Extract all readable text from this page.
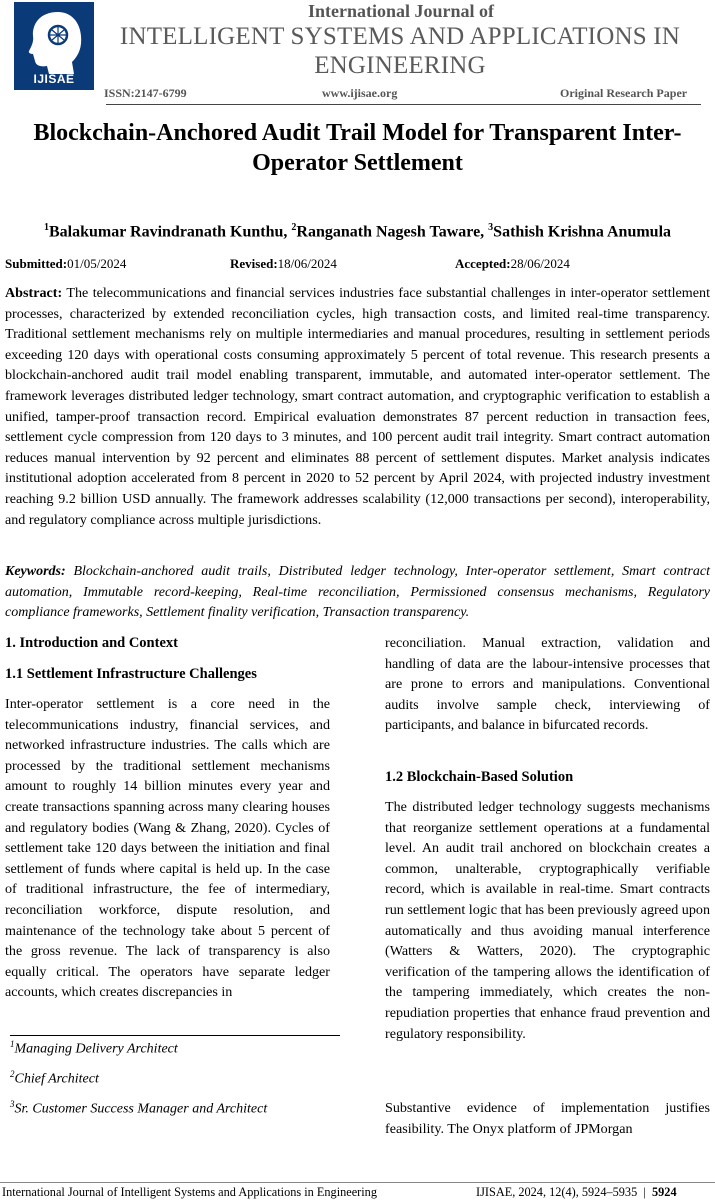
IJISAE
International Journal of
INTELLIGENT SYSTEMS AND APPLICATIONS IN
ENGINEERING
ISSN:2147-6799	www.ijisae.org	Original Research Paper
Blockchain-Anchored Audit Trail Model for Transparent Inter-
Operator Settlement
$^1$Balakumar Ravindranath Kunthu, $^2$Ranganath Nagesh Taware, $^3$Sathish Krishna Anumula
Submitted:01/05/2024	Revised:18/06/2024	Accepted:28/06/2024
Abstract: The telecommunications and financial services industries face substantial challenges in inter-operator settlement processes, characterized by extended reconciliation cycles, high transaction costs, and limited real-time transparency. Traditional settlement mechanisms rely on multiple intermediaries and manual procedures, resulting in settlement periods exceeding 120 days with operational costs consuming approximately 5 percent of total revenue. This research presents a blockchain-anchored audit trail model enabling transparent, immutable, and automated inter-operator settlement. The framework leverages distributed ledger technology, smart contract automation, and cryptographic verification to establish a unified, tamper-proof transaction record. Empirical evaluation demonstrates 87 percent reduction in transaction fees, settlement cycle compression from 120 days to 3 minutes, and 100 percent audit trail integrity. Smart contract automation reduces manual intervention by 92 percent and eliminates 88 percent of settlement disputes. Market analysis indicates institutional adoption accelerated from 8 percent in 2020 to 52 percent by April 2024, with projected industry investment reaching 9.2 billion USD annually. The framework addresses scalability (12,000 transactions per second), interoperability, and regulatory compliance across multiple jurisdictions.
Keywords: Blockchain-anchored audit trails, Distributed ledger technology, Inter-operator settlement, Smart contract automation, Immutable record-keeping, Real-time reconciliation, Permissioned consensus mechanisms, Regulatory compliance frameworks, Settlement finality verification, Transaction transparency.
1. Introduction and Context
1.1 Settlement Infrastructure Challenges
Inter-operator settlement is a core need in the telecommunications industry, financial services, and networked infrastructure industries. The calls which are processed by the traditional settlement mechanisms amount to roughly 14 billion minutes every year and create transactions spanning across many clearing houses and regulatory bodies (Wang & Zhang, 2020). Cycles of settlement take 120 days between the initiation and final settlement of funds where capital is held up. In the case of traditional infrastructure, the fee of intermediary, reconciliation workforce, dispute resolution, and maintenance of the technology take about 5 percent of the gross revenue. The lack of transparency is also equally critical. The operators have separate ledger accounts, which creates discrepancies in
$^1$Managing Delivery Architect
$^2$Chief Architect
$^3$Sr. Customer Success Manager and Architect
reconciliation. Manual extraction, validation and handling of data are the labour-intensive processes that are prone to errors and manipulations. Conventional audits involve sample check, interviewing of participants, and balance in bifurcated records.
1.2 Blockchain-Based Solution
The distributed ledger technology suggests mechanisms that reorganize settlement operations at a fundamental level. An audit trail anchored on blockchain creates a common, unalterable, cryptographically verifiable record, which is available in real-time. Smart contracts run settlement logic that has been previously agreed upon automatically and thus avoiding manual interference (Watters & Watters, 2020). The cryptographic verification of the tampering allows the identification of the tampering immediately, which creates the non-repudiation properties that enhance fraud prevention and regulatory responsibility.
Substantive evidence of implementation justifies feasibility. The Onyx platform of JPMorgan
International Journal of Intelligent Systems and Applications in Engineering	IJISAE, 2024, 12(4), 5924–5935 | 5924
